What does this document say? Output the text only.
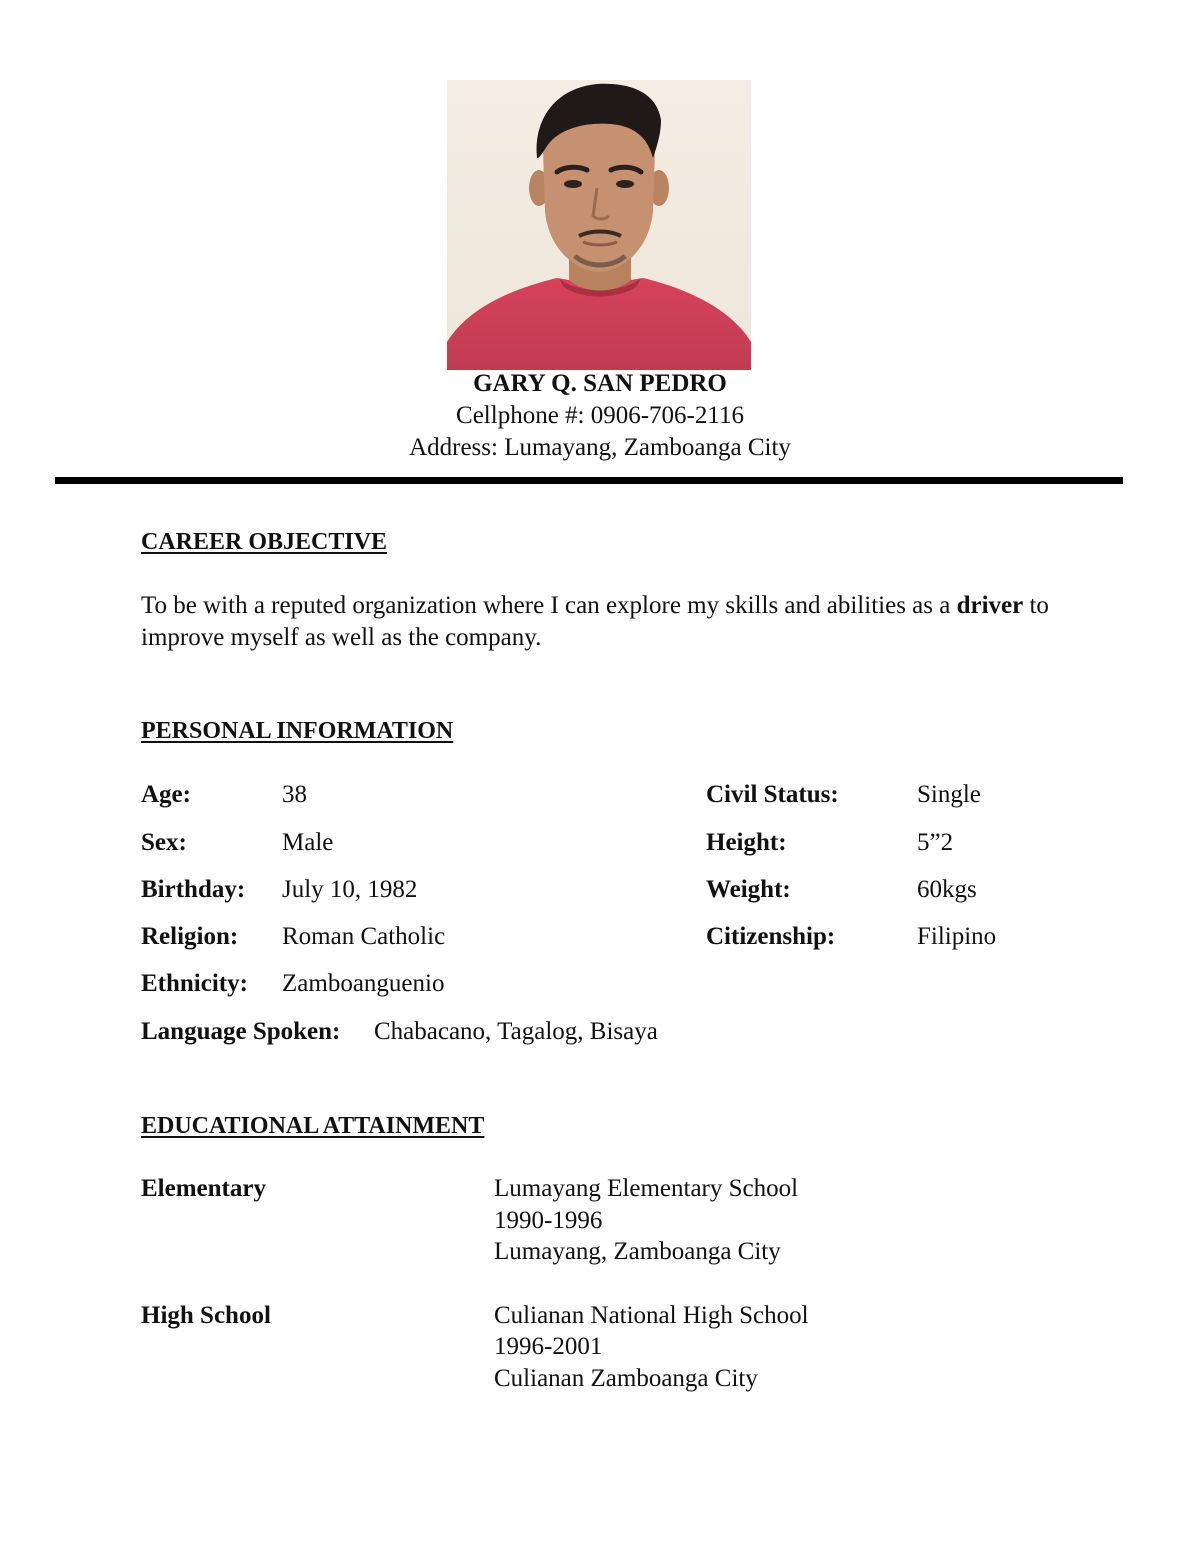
GARY Q. SAN PEDRO
Cellphone #: 0906-706-2116
Address: Lumayang, Zamboanga City
CAREER OBJECTIVE
To be with a reputed organization where I can explore my skills and abilities as a driver to improve myself as well as the company.
PERSONAL INFORMATION
Age:	38
Sex:	Male
Birthday: July 10, 1982
Religion: Roman Catholic
Ethnicity: Zamboanguenio
Language Spoken: Chabacano, Tagalog, Bisaya
Civil Status:	Single
Height:	5”2
Weight:	60kgs
Citizenship:	Filipino
EDUCATIONAL ATTAINMENT
Elementary	Lumayang Elementary School
1990-1996
Lumayang, Zamboanga City
High School	Culianan National High School
1996-2001
Culianan Zamboanga City
